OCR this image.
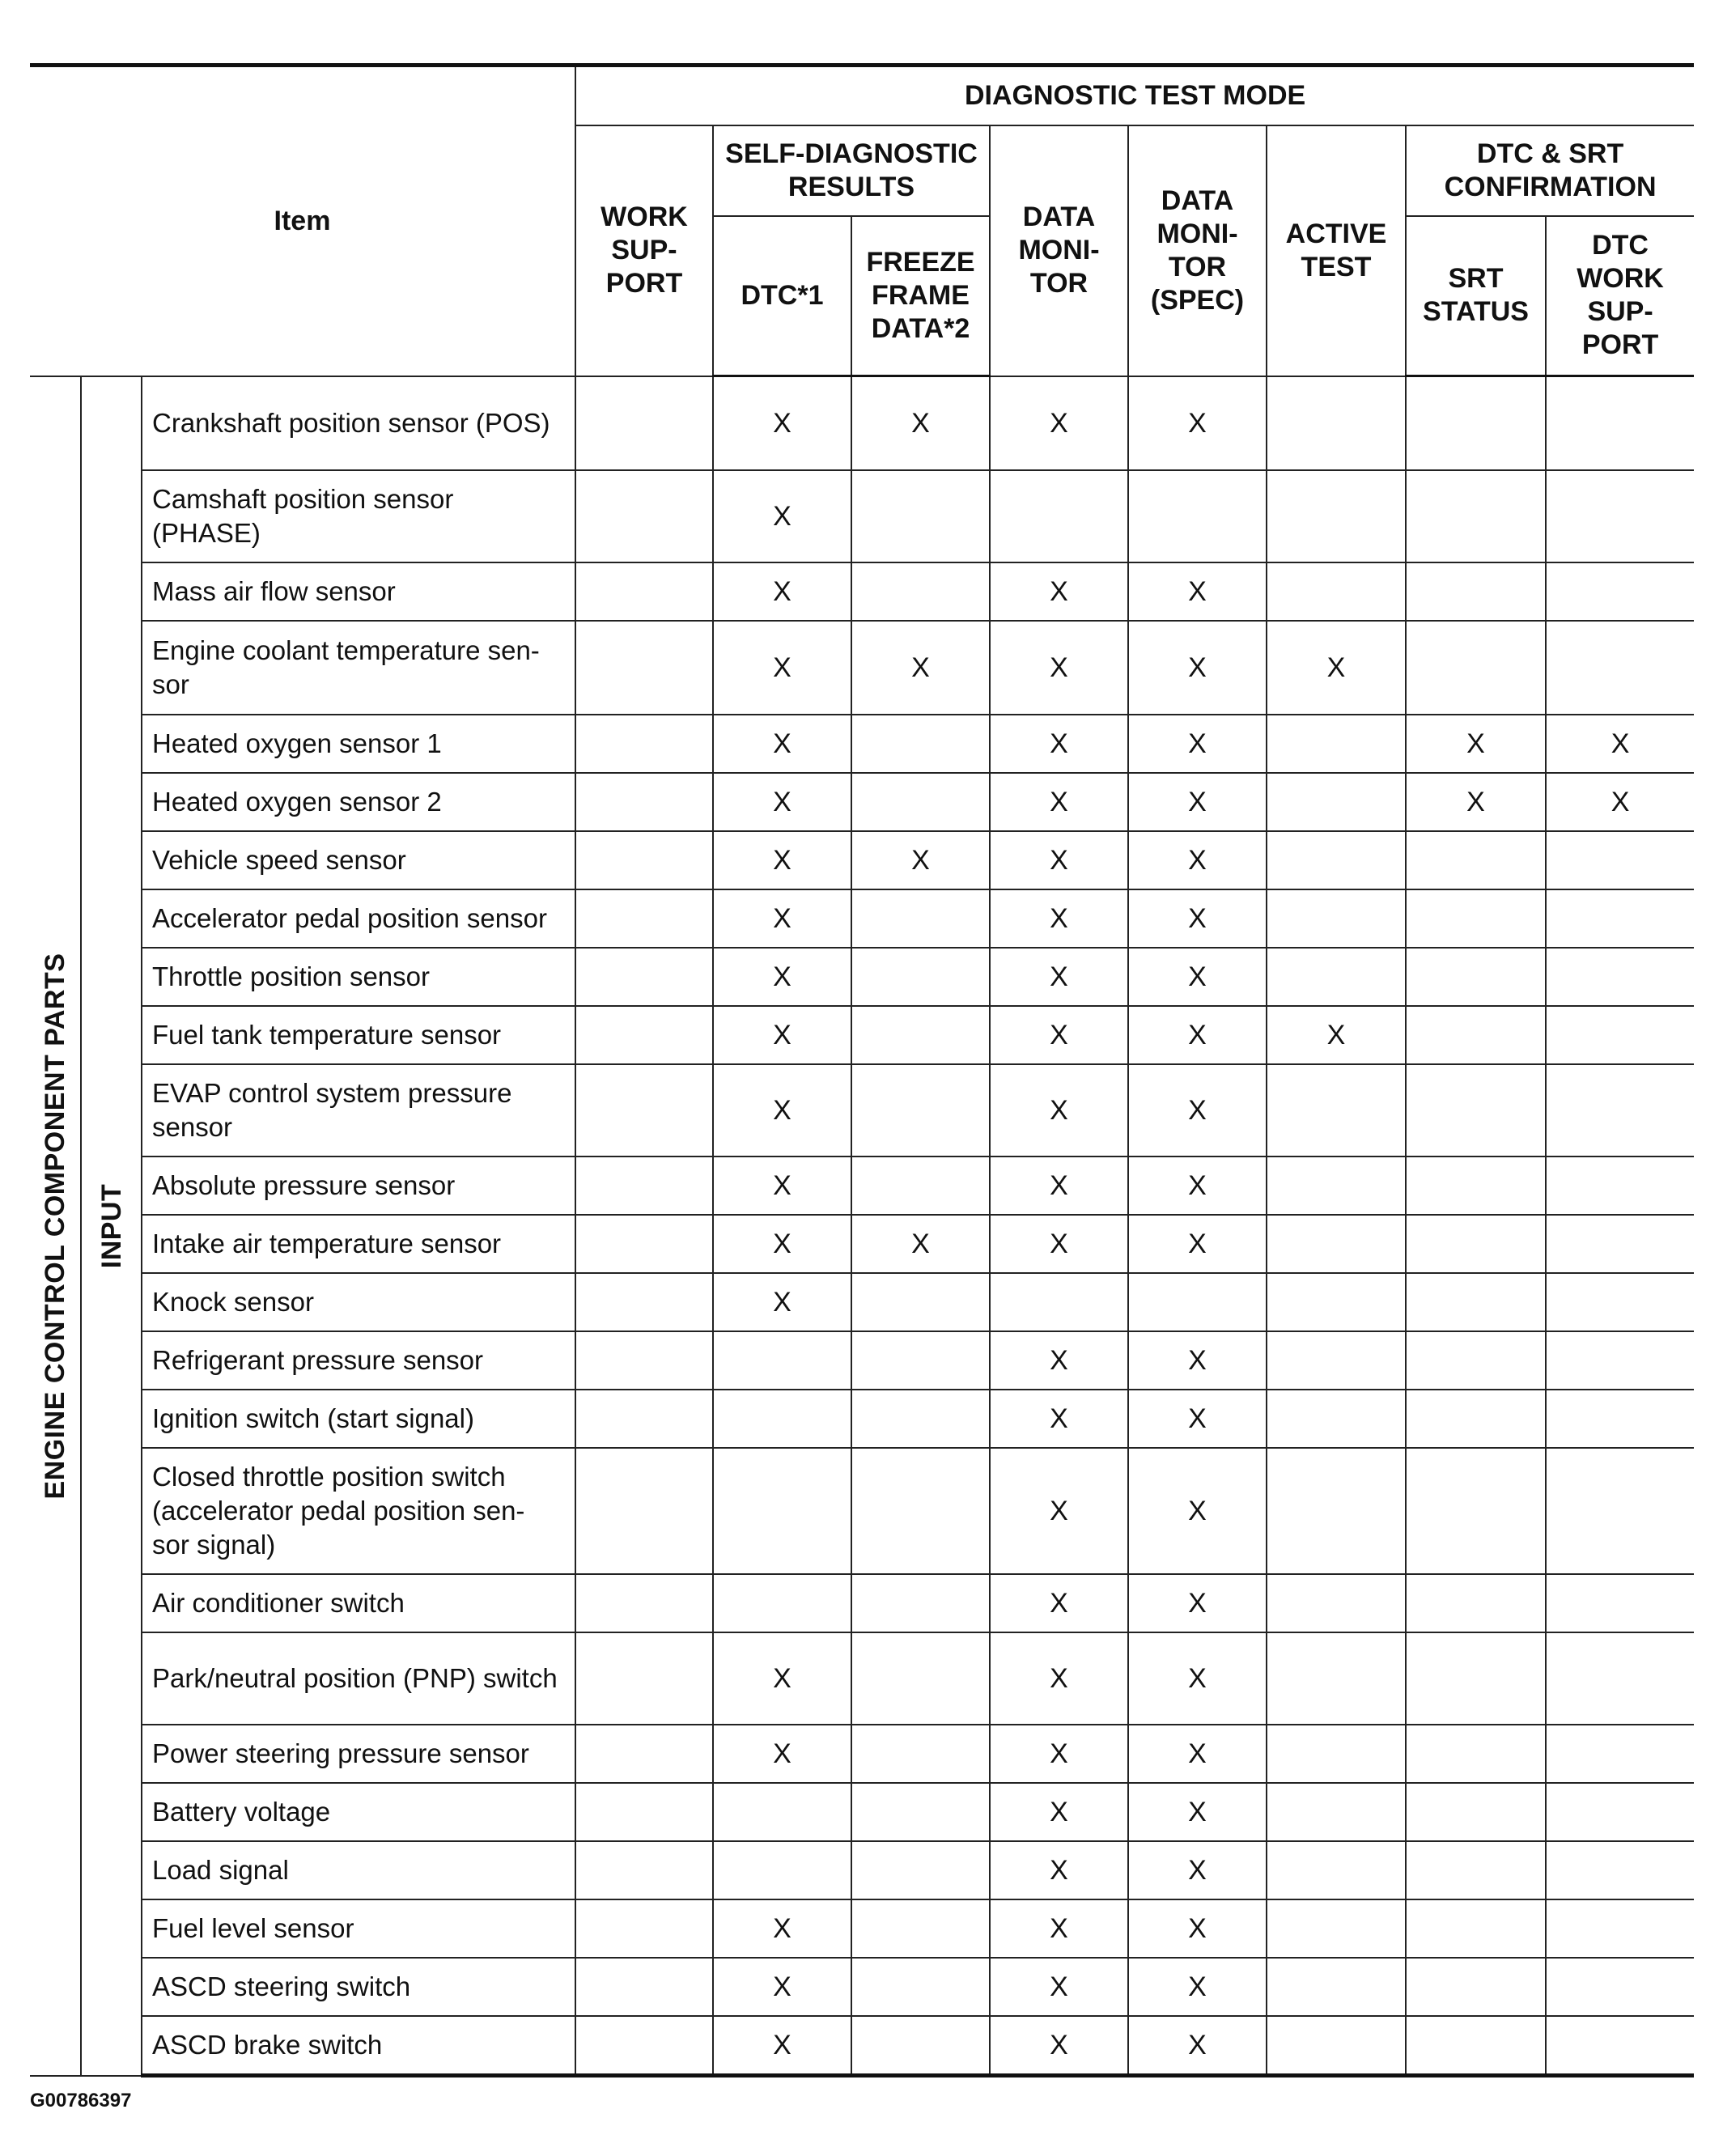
Item			DIAGNOSTIC TEST MODE							
			WORK SUP- PORT	SELF-DIAGNOSTIC RESULTS		DATA MONI- TOR	DATA MONI- TOR (SPEC)	ACTIVE TEST	DTC & SRT CONFIRMATION	
				DTC*1	FREEZE FRAME DATA*2				SRT STATUS	DTC WORK SUP- PORT

ENGINE CONTROL COMPONENT PARTS	INPUT	Crankshaft position sensor (POS)		X	X	X	X			
		Camshaft position sensor (PHASE)		X						
		Mass air flow sensor		X		X	X			
		Engine coolant temperature sen- sor		X	X	X	X	X		
		Heated oxygen sensor 1		X		X	X		X	X
		Heated oxygen sensor 2		X		X	X		X	X
		Vehicle speed sensor		X	X	X	X			
		Accelerator pedal position sensor		X		X	X			
		Throttle position sensor		X		X	X			
		Fuel tank temperature sensor		X		X	X	X		
		EVAP control system pressure sensor		X		X	X			
		Absolute pressure sensor		X		X	X			
		Intake air temperature sensor		X	X	X	X			
		Knock sensor		X						
		Refrigerant pressure sensor				X	X			
		Ignition switch (start signal)				X	X			
		Closed throttle position switch (accelerator pedal position sen- sor signal)				X	X			
		Air conditioner switch				X	X			
		Park/neutral position (PNP) switch		X		X	X			
		Power steering pressure sensor		X		X	X			
		Battery voltage				X	X			
		Load signal				X	X			
		Fuel level sensor		X		X	X			
		ASCD steering switch		X		X	X			
		ASCD brake switch		X		X	X			
G00786397
